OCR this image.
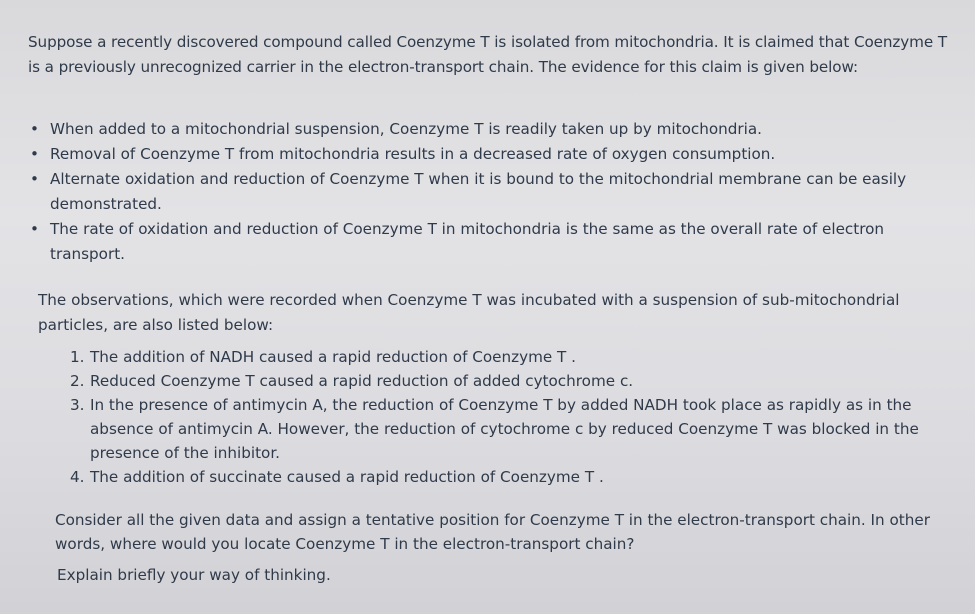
Suppose a recently discovered compound called Coenzyme T is isolated from mitochondria. It is claimed that Coenzyme T is a previously unrecognized carrier in the electron-transport chain. The evidence for this claim is given below:

• When added to a mitochondrial suspension, Coenzyme T is readily taken up by mitochondria.
• Removal of Coenzyme T from mitochondria results in a decreased rate of oxygen consumption.
• Alternate oxidation and reduction of Coenzyme T when it is bound to the mitochondrial membrane can be easily demonstrated.
• The rate of oxidation and reduction of Coenzyme T in mitochondria is the same as the overall rate of electron transport.

The observations, which were recorded when Coenzyme T was incubated with a suspension of sub-mitochondrial particles, are also listed below:

1. The addition of NADH caused a rapid reduction of Coenzyme T .
2. Reduced Coenzyme T caused a rapid reduction of added cytochrome c.
3. In the presence of antimycin A, the reduction of Coenzyme T by added NADH took place as rapidly as in the absence of antimycin A. However, the reduction of cytochrome c by reduced Coenzyme T was blocked in the presence of the inhibitor.
4. The addition of succinate caused a rapid reduction of Coenzyme T .

Consider all the given data and assign a tentative position for Coenzyme T in the electron-transport chain. In other words, where would you locate Coenzyme T in the electron-transport chain?

Explain briefly your way of thinking.
